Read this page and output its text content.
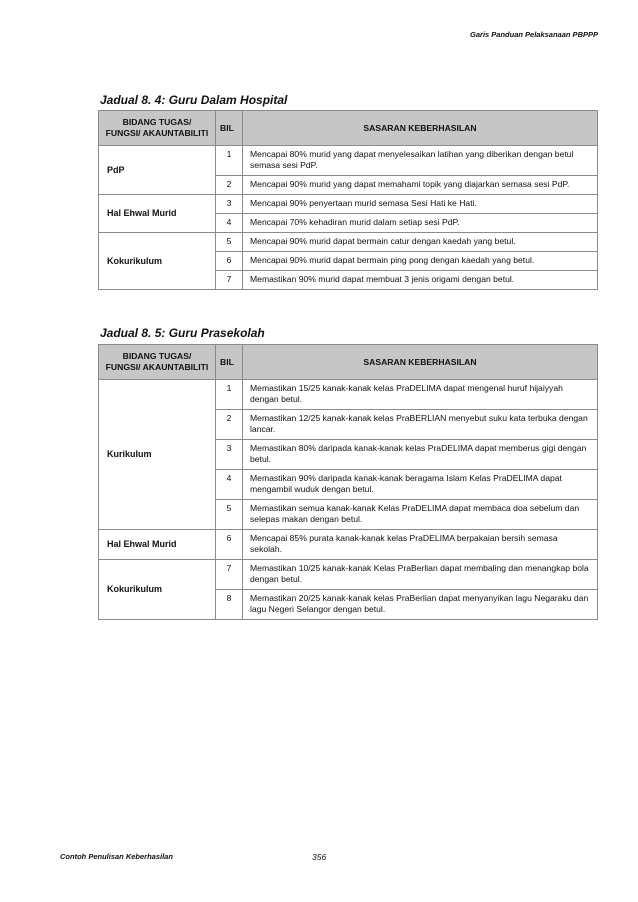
Garis Panduan Pelaksanaan PBPPP
Jadual 8. 4: Guru Dalam Hospital
BIDANG TUGAS/
FUNGSI/ AKAUNTABILITI	BIL	SASARAN KEBERHASILAN
PdP	1	Mencapai 80% murid yang dapat menyelesaikan latihan yang diberikan dengan betul semasa sesi PdP.
	2	Mencapai 90% murid yang dapat memahami topik yang diajarkan semasa sesi PdP.
Hal Ehwal Murid	3	Mencapai 90% penyertaan murid semasa Sesi Hati ke Hati.
	4	Mencapai 70% kehadiran murid dalam setiap sesi PdP.
Kokurikulum	5	Mencapai 90% murid dapat bermain catur dengan kaedah yang betul.
	6	Mencapai 90% murid dapat bermain ping pong dengan kaedah yang betul.
	7	Memastikan 90% murid dapat membuat 3 jenis origami dengan betul.
Jadual 8. 5: Guru Prasekolah
BIDANG TUGAS/
FUNGSI/ AKAUNTABILITI	BIL	SASARAN KEBERHASILAN
Kurikulum	1	Memastikan 15/25 kanak-kanak kelas PraDELIMA dapat mengenal huruf hijaiyyah dengan betul.
	2	Memastikan 12/25 kanak-kanak kelas PraBERLIAN menyebut suku kata terbuka dengan lancar.
	3	Memastikan 80% daripada kanak-kanak kelas PraDELIMA dapat memberus gigi dengan betul.
	4	Memastikan 90% daripada kanak-kanak beragama Islam Kelas PraDELIMA dapat mengambil wuduk dengan betul.
	5	Memastikan semua kanak-kanak Kelas PraDELIMA dapat membaca doa sebelum dan selepas makan dengan betul.
Hal Ehwal Murid	6	Mencapai 85% purata kanak-kanak kelas PraDELIMA berpakaian bersih semasa sekolah.
Kokurikulum	7	Memastikan 10/25 kanak-kanak Kelas PraBerlian dapat membaling dan menangkap bola dengan betul.
	8	Memastikan 20/25 kanak-kanak kelas PraBerlian dapat menyanyikan lagu Negaraku dan lagu Negeri Selangor dengan betul.
Contoh Penulisan Keberhasilan	356
